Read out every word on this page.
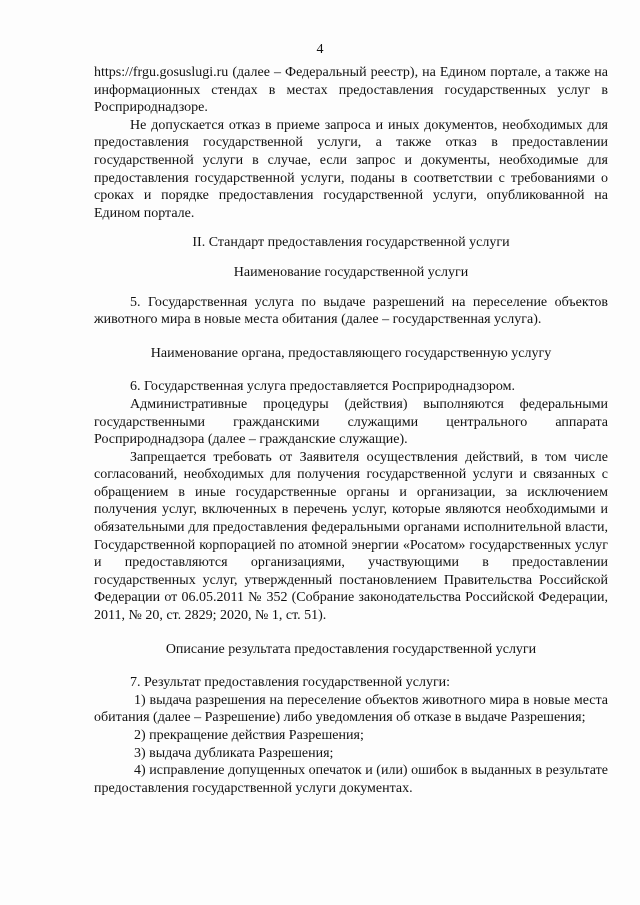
4

https://frgu.gosuslugi.ru (далее – Федеральный реестр), на Едином портале, а также на информационных стендах в местах предоставления государственных услуг в Росприроднадзоре.

Не допускается отказ в приеме запроса и иных документов, необходимых для предоставления государственной услуги, а также отказ в предоставлении государственной услуги в случае, если запрос и документы, необходимые для предоставления государственной услуги, поданы в соответствии с требованиями о сроках и порядке предоставления государственной услуги, опубликованной на Едином портале.

II. Стандарт предоставления государственной услуги

Наименование государственной услуги

5. Государственная услуга по выдаче разрешений на переселение объектов животного мира в новые места обитания (далее – государственная услуга).

Наименование органа, предоставляющего государственную услугу

6. Государственная услуга предоставляется Росприроднадзором.

Административные процедуры (действия) выполняются федеральными государственными гражданскими служащими центрального аппарата Росприроднадзора (далее – гражданские служащие).

Запрещается требовать от Заявителя осуществления действий, в том числе согласований, необходимых для получения государственной услуги и связанных с обращением в иные государственные органы и организации, за исключением получения услуг, включенных в перечень услуг, которые являются необходимыми и обязательными для предоставления федеральными органами исполнительной власти, Государственной корпорацией по атомной энергии «Росатом» государственных услуг и предоставляются организациями, участвующими в предоставлении государственных услуг, утвержденный постановлением Правительства Российской Федерации от 06.05.2011 № 352 (Собрание законодательства Российской Федерации, 2011, № 20, ст. 2829; 2020, № 1, ст. 51).

Описание результата предоставления государственной услуги

7. Результат предоставления государственной услуги:

1) выдача разрешения на переселение объектов животного мира в новые места обитания (далее – Разрешение) либо уведомления об отказе в выдаче Разрешения;

2) прекращение действия Разрешения;

3) выдача дубликата Разрешения;

4) исправление допущенных опечаток и (или) ошибок в выданных в результате предоставления государственной услуги документах.
